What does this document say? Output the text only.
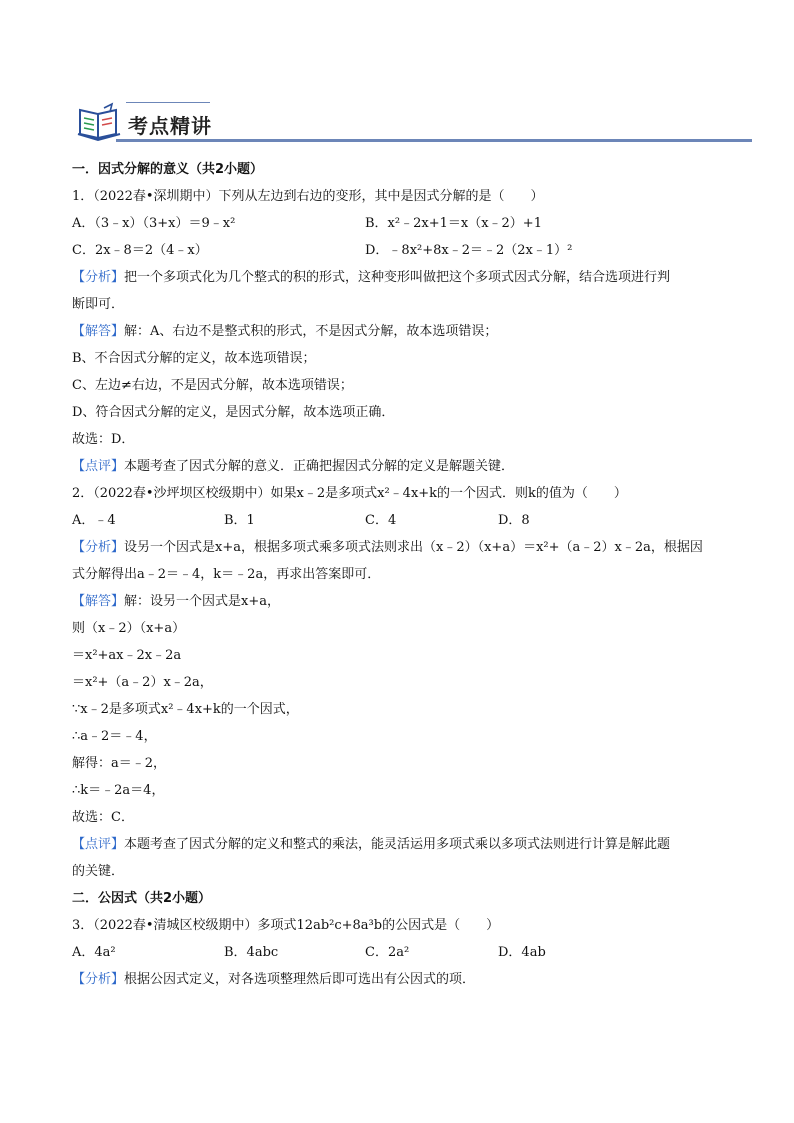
考点精讲
一．因式分解的意义（共2小题）
1．（2022春•深圳期中）下列从左边到右边的变形，其中是因式分解的是（　　）
A．（3﹣x）（3+x）＝9﹣x²	B．x²﹣2x+1＝x（x﹣2）+1
C．2x﹣8＝2（4﹣x）	D．﹣8x²+8x﹣2＝﹣2（2x﹣1）²
【分析】把一个多项式化为几个整式的积的形式，这种变形叫做把这个多项式因式分解，结合选项进行判
断即可．
【解答】解：A、右边不是整式积的形式，不是因式分解，故本选项错误；
B、不合因式分解的定义，故本选项错误；
C、左边≠右边，不是因式分解，故本选项错误；
D、符合因式分解的定义，是因式分解，故本选项正确．
故选：D．
【点评】本题考查了因式分解的意义．正确把握因式分解的定义是解题关键．
2．（2022春•沙坪坝区校级期中）如果x﹣2是多项式x²﹣4x+k的一个因式．则k的值为（　　）
A．﹣4	B．1	C．4	D．8
【分析】设另一个因式是x+a，根据多项式乘多项式法则求出（x﹣2）（x+a）＝x²+（a﹣2）x﹣2a，根据因
式分解得出a﹣2＝﹣4，k＝﹣2a，再求出答案即可．
【解答】解：设另一个因式是x+a，
则（x﹣2）（x+a）
＝x²+ax﹣2x﹣2a
＝x²+（a﹣2）x﹣2a，
∵x﹣2是多项式x²﹣4x+k的一个因式，
∴a﹣2＝﹣4，
解得：a＝﹣2，
∴k＝﹣2a＝4，
故选：C．
【点评】本题考查了因式分解的定义和整式的乘法，能灵活运用多项式乘以多项式法则进行计算是解此题
的关键．
二．公因式（共2小题）
3．（2022春•清城区校级期中）多项式12ab²c+8a³b的公因式是（　　）
A．4a²	B．4abc	C．2a²	D．4ab
【分析】根据公因式定义，对各选项整理然后即可选出有公因式的项．
